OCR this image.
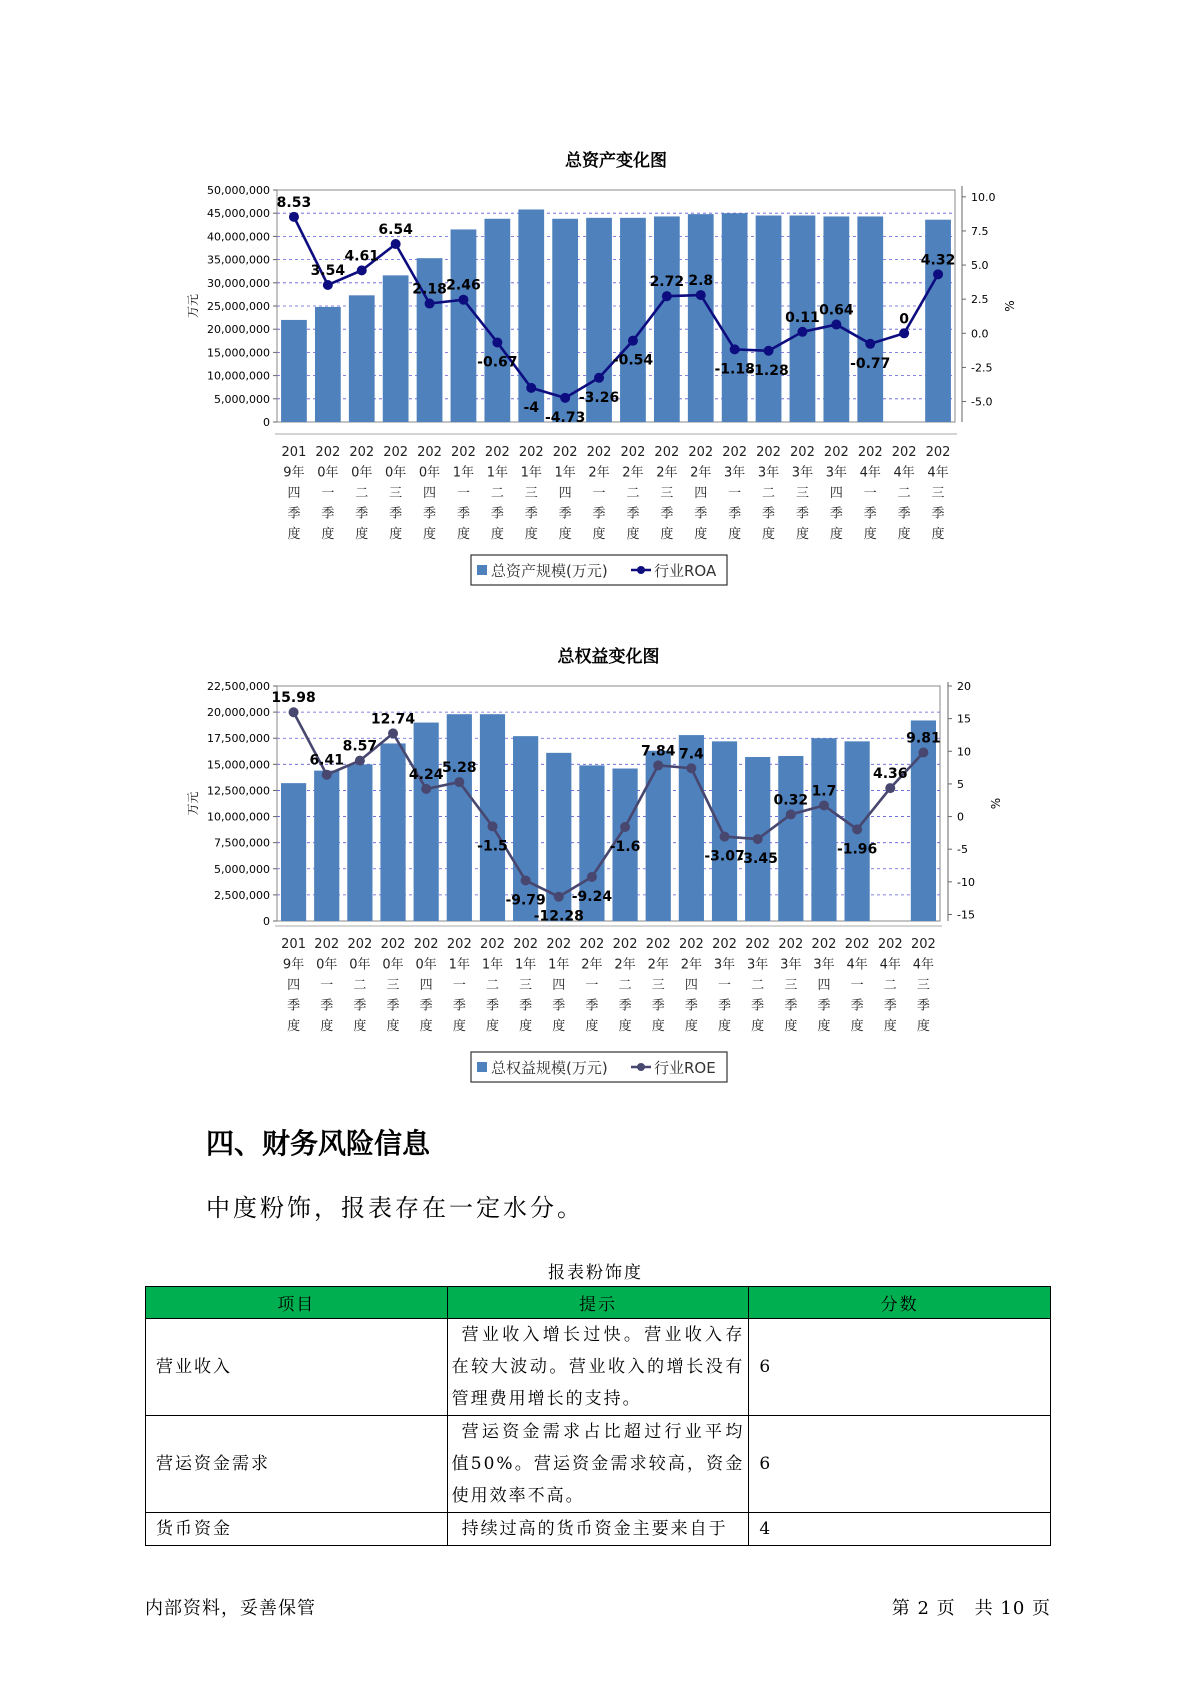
总资产变化图
0
5,000,000
10,000,000
15,000,000
20,000,000
25,000,000
30,000,000
35,000,000
40,000,000
45,000,000
50,000,000
-5.0
-2.5
0.0
2.5
5.0
7.5
10.0
万元	%
201
9年
四
季
度
202
0年
一
季
度
202
0年
二
季
度
202
0年
三
季
度
202
0年
四
季
度
202
1年
一
季
度
202
1年
二
季
度
202
1年
三
季
度
202
1年
四
季
度
202
2年
一
季
度
202
2年
二
季
度
202
2年
三
季
度
202
2年
四
季
度
202
3年
一
季
度
202
3年
二
季
度
202
3年
三
季
度
202
3年
四
季
度
202
4年
一
季
度
202
4年
二
季
度
202
4年
三
季
度
8.53
3.54
4.61
6.54
2.18 2.46
-0.67
-4
-4.73
-3.26
-0.54
2.72 2.8
-1.18
-1.28
0.11 0.64
-0.77
0
4.32
总资产规模(万元)	行业ROA
总权益变化图
0
2,500,000
5,000,000
7,500,000
10,000,000
12,500,000
15,000,000
17,500,000
20,000,000
22,500,000
-15
-10
-5
0
5
10
15
20
万元	%
201
9年
四
季
度
202
0年
一
季
度
202
0年
二
季
度
202
0年
三
季
度
202
0年
四
季
度
202
1年
一
季
度
202
1年
二
季
度
202
1年
三
季
度
202
1年
四
季
度
202
2年
一
季
度
202
2年
二
季
度
202
2年
三
季
度
202
2年
四
季
度
202
3年
一
季
度
202
3年
二
季
度
202
3年
三
季
度
202
3年
四
季
度
202
4年
一
季
度
202
4年
二
季
度
202
4年
三
季
度
15.98
6.41
8.57
12.74
4.24
5.28
-1.5
-9.79
-12.28
-9.24
-1.6
7.84 7.4
-3.07
-3.45
0.32
1.7
-1.96
4.36
9.81
总权益规模(万元)	行业ROE
四、财务风险信息
中度粉饰，报表存在一定水分。
报表粉饰度
项目	提示	分数
营业收入	营业收入增长过快。营业收入存在较大波动。营业收入的增长没有管理费用增长的支持。	6
营运资金需求	营运资金需求占比超过行业平均值50%。营运资金需求较高，资金使用效率不高。	6
货币资金	持续过高的货币资金主要来自于	4
内部资料，妥善保管	第 2 页　共 10 页
